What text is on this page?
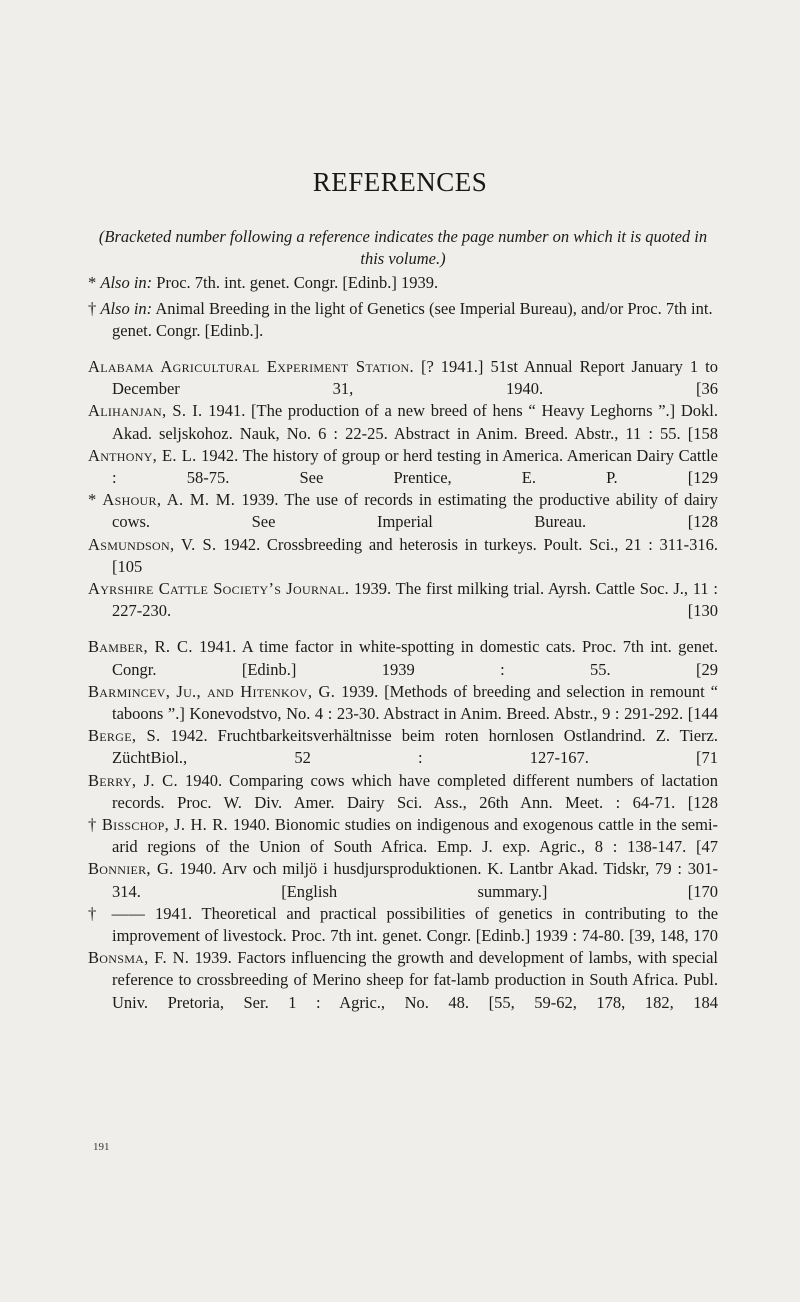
REFERENCES
(Bracketed number following a reference indicates the page number on which it is quoted in this volume.)

* Also in: Proc. 7th. int. genet. Congr. [Edinb.] 1939.

† Also in: Animal Breeding in the light of Genetics (see Imperial Bureau), and/or Proc. 7th int. genet. Congr. [Edinb.].

Alabama Agricultural Experiment Station. [? 1941.] 51st Annual Report January 1 to December 31, 1940.	[36

Alihanjan, S. I. 1941. [The production of a new breed of hens “ Heavy Leghorns ”.] Dokl. Akad. seljskohoz. Nauk, No. 6 : 22-25. Abstract in Anim. Breed. Abstr., 11 : 55. [158

Anthony, E. L. 1942. The history of group or herd testing in America. American Dairy Cattle : 58-75. See Prentice, E. P.	[129

* Ashour, A. M. M. 1939. The use of records in estimating the productive ability of dairy cows. See Imperial Bureau.	[128

Asmundson, V. S. 1942. Crossbreeding and heterosis in turkeys. Poult. Sci., 21 : 311-316. [105

Ayrshire Cattle Society’s Journal. 1939. The first milking trial. Ayrsh. Cattle Soc. J., 11 : 227-230.	[130

Bamber, R. C. 1941. A time factor in white-spotting in domestic cats. Proc. 7th int. genet. Congr. [Edinb.] 1939 : 55.	[29

Barmincev, Ju., and Hitenkov, G. 1939. [Methods of breeding and selection in remount “ taboons ”.] Konevodstvo, No. 4 : 23-30. Abstract in Anim. Breed. Abstr., 9 : 291-292. [144

Berge, S. 1942. Fruchtbarkeitsverhältnisse beim roten hornlosen Ostlandrind. Z. Tierz. ZüchtBiol., 52 : 127-167.	[71

Berry, J. C. 1940. Comparing cows which have completed different numbers of lactation records. Proc. W. Div. Amer. Dairy Sci. Ass., 26th Ann. Meet. : 64-71. [128

† Bisschop, J. H. R. 1940. Bionomic studies on indigenous and exogenous cattle in the semi-arid regions of the Union of South Africa. Emp. J. exp. Agric., 8 : 138-147. [47

Bonnier, G. 1940. Arv och miljö i husdjursproduktionen. K. Lantbr Akad. Tidskr, 79 : 301-314. [English summary.]	[170

† —— 1941. Theoretical and practical possibilities of genetics in contributing to the improvement of livestock. Proc. 7th int. genet. Congr. [Edinb.] 1939 : 74-80. [39, 148, 170

Bonsma, F. N. 1939. Factors influencing the growth and development of lambs, with special reference to crossbreeding of Merino sheep for fat-lamb production in South Africa. Publ. Univ. Pretoria, Ser. 1 : Agric., No. 48. [55, 59-62, 178, 182, 184

191
